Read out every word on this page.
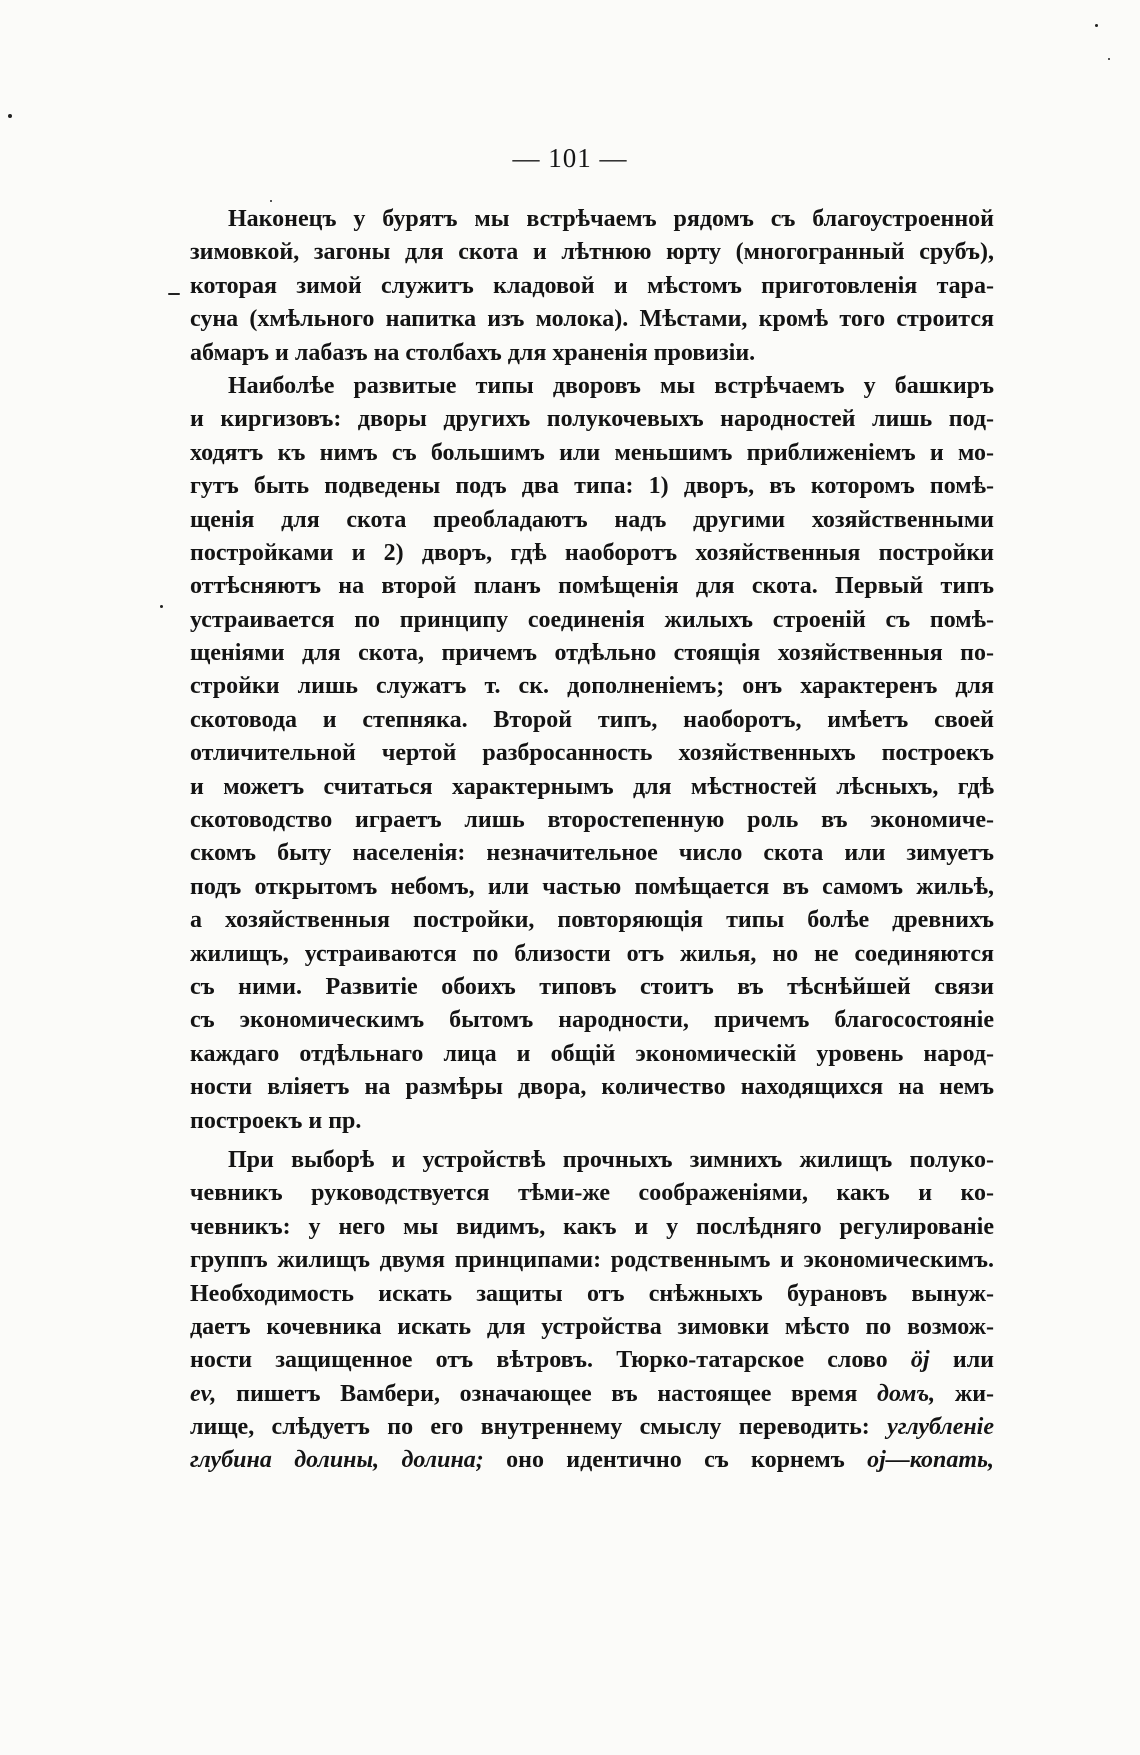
— 101 —
Наконецъ у бурятъ мы встрѣчаемъ рядомъ съ благоустроенной
зимовкой, загоны для скота и лѣтнюю юрту (многогранный срубъ),
которая зимой служитъ кладовой и мѣстомъ приготовленія тара-
суна (хмѣльного напитка изъ молока). Мѣстами, кромѣ того строится
абмаръ и лабазъ на столбахъ для храненія провизіи.
Наиболѣе развитые типы дворовъ мы встрѣчаемъ у башкиръ
и киргизовъ: дворы другихъ полукочевыхъ народностей лишь под-
ходятъ къ нимъ съ большимъ или меньшимъ приближеніемъ и мо-
гутъ быть подведены подъ два типа: 1) дворъ, въ которомъ помѣ-
щенія для скота преобладаютъ надъ другими хозяйственными
постройками и 2) дворъ, гдѣ наоборотъ хозяйственныя постройки
оттѣсняютъ на второй планъ помѣщенія для скота. Первый типъ
устраивается по принципу соединенія жилыхъ строеній съ помѣ-
щеніями для скота, причемъ отдѣльно стоящія хозяйственныя по-
стройки лишь служатъ т. ск. дополненіемъ; онъ характеренъ для
скотовода и степняка. Второй типъ, наоборотъ, имѣетъ своей
отличительной чертой разбросанность хозяйственныхъ построекъ
и можетъ считаться характернымъ для мѣстностей лѣсныхъ, гдѣ
скотоводство играетъ лишь второстепенную роль въ экономиче-
скомъ быту населенія: незначительное число скота или зимуетъ
подъ открытомъ небомъ, или частью помѣщается въ самомъ жильѣ,
а хозяйственныя постройки, повторяющія типы болѣе древнихъ
жилищъ, устраиваются по близости отъ жилья, но не соединяются
съ ними. Развитіе обоихъ типовъ стоитъ въ тѣснѣйшей связи
съ экономическимъ бытомъ народности, причемъ благосостояніе
каждаго отдѣльнаго лица и общій экономическій уровень народ-
ности вліяетъ на размѣры двора, количество находящихся на немъ
построекъ и пр.
При выборѣ и устройствѣ прочныхъ зимнихъ жилищъ полуко-
чевникъ руководствуется тѣми-же соображеніями, какъ и ко-
чевникъ: у него мы видимъ, какъ и у послѣдняго регулированіе
группъ жилищъ двумя принципами: родственнымъ и экономическимъ.
Необходимость искать защиты отъ снѣжныхъ бурановъ вынуж-
даетъ кочевника искать для устройства зимовки мѣсто по возмож-
ности защищенное отъ вѣтровъ. Тюрко-татарское слово ӧј или
ev, пишетъ Вамбери, означающее въ настоящее время домъ, жи-
лище, слѣдуетъ по его внутреннему смыслу переводить: углубленіе
глубина долины, долина; оно идентично съ корнемъ ој—копать,
